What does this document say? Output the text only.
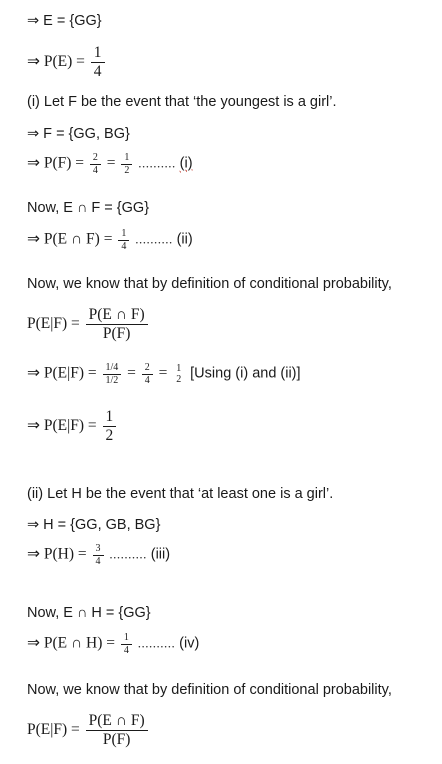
⇒ E = {GG}
⇒ $P(E) = \frac{1}{4}$
(i) Let F be the event that ‘the youngest is a girl’.
⇒ F = {GG, BG}
⇒ $P(F) = \frac{2}{4} = \frac{1}{2}$ .......... (i)
Now, E ∩ F = {GG}
⇒ P(E ∩ $F) = \frac{1}{4}$ .......... (ii)
Now, we know that by definition of conditional probability,
$P(E|F) = \frac{P(E \cap F)}{P(F)}$
⇒ $P(E|F) = \frac{1/4}{1/2} = \frac{2}{4} = 1$
2 [Using (i) and (ii)]
⇒ $P(E|F) = \frac{1}{2}$
(ii) Let H be the event that ‘at least one is a girl’.
⇒ H = {GG, GB, BG}
⇒ $P(H) = \frac{3}{4}$ .......... (iii)
Now, E ∩ H = {GG}
⇒ P(E ∩ $H) = \frac{1}{4}$ .......... (iv)
Now, we know that by definition of conditional probability,
$P(E|F) = \frac{P(E \cap F)}{P(F)}$
